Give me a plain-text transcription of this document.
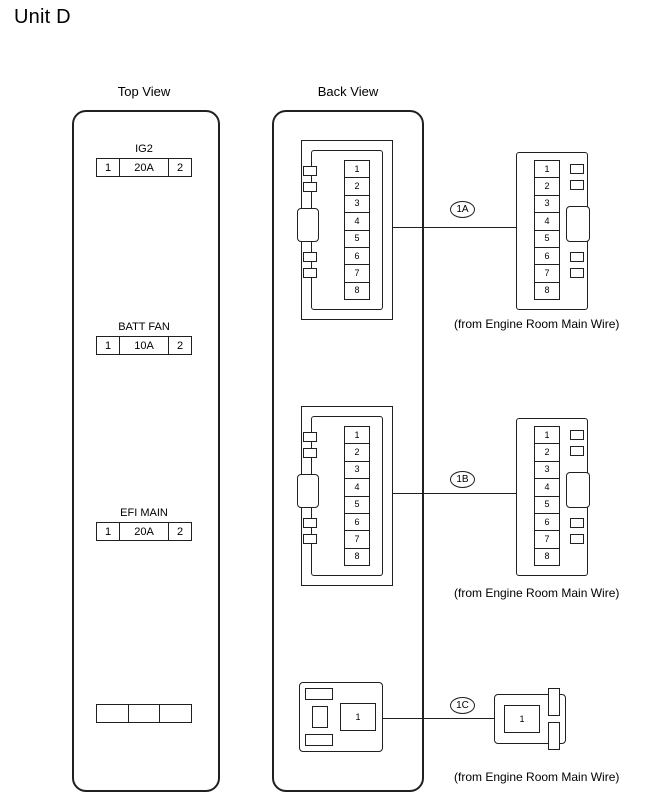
Unit D
Top View	Back View
IG2
1	20A	2
BATT FAN
1	10A	2
EFI MAIN
1	20A	2
1
2
3
4
5
6
7
8
1
2
3
4
5
6
7
8
1A
(from Engine Room Main Wire)
1
2
3
4
5
6
7
8
1
2
3
4
5
6
7
8
1B
(from Engine Room Main Wire)
1	1
1C
(from Engine Room Main Wire)
